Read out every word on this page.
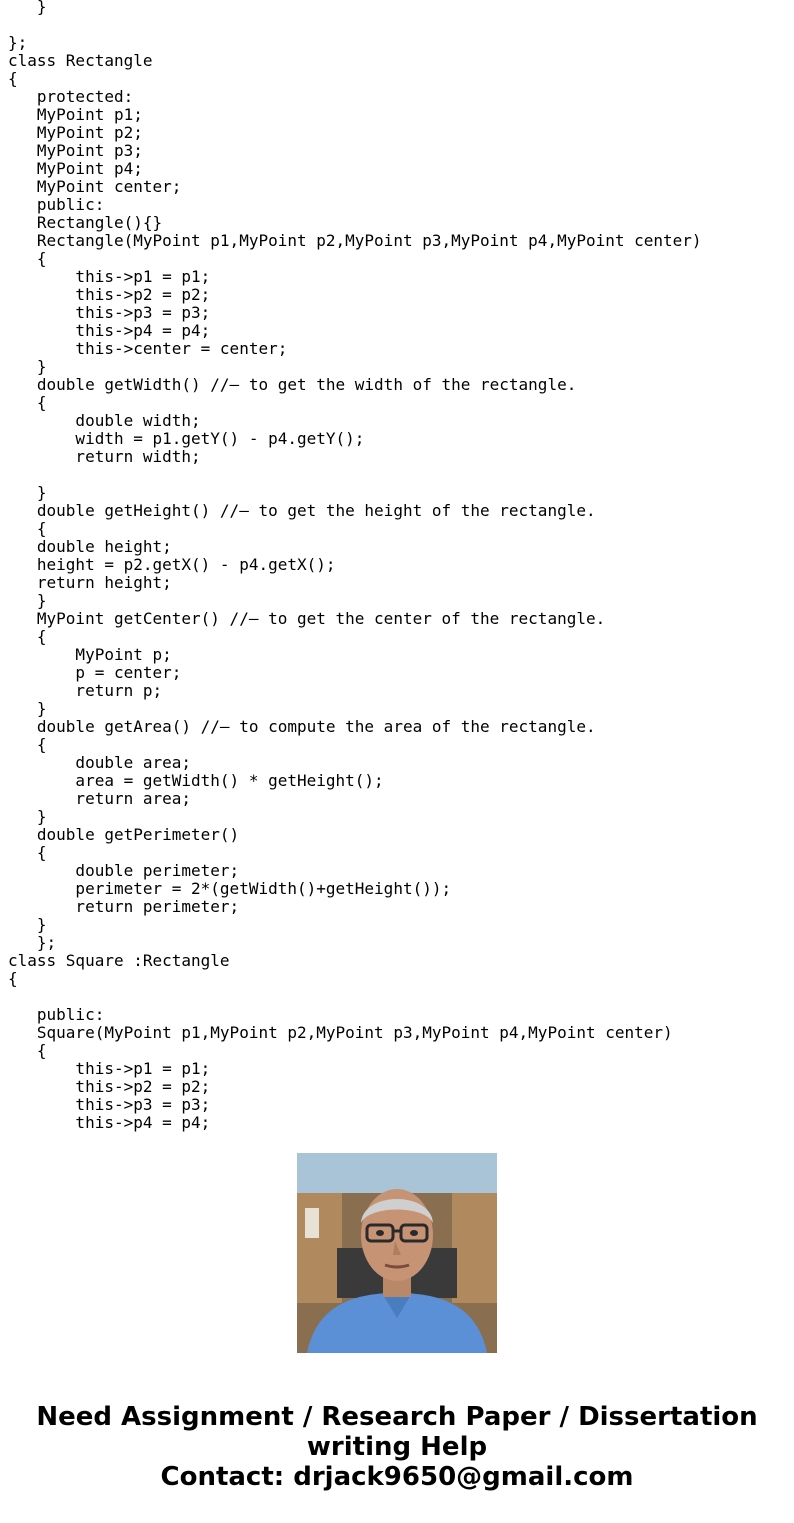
}
};
class Rectangle
{
protected:
MyPoint p1;
MyPoint p2;
MyPoint p3;
MyPoint p4;
MyPoint center;
public:
Rectangle(){}
Rectangle(MyPoint p1,MyPoint p2,MyPoint p3,MyPoint p4,MyPoint center)
{
this->p1 = p1;
this->p2 = p2;
this->p3 = p3;
this->p4 = p4;
this->center = center;
}
double getWidth() //– to get the width of the rectangle.
{
double width;
width = p1.getY() - p4.getY();
return width;
}
double getHeight() //– to get the height of the rectangle.
{
double height;
height = p2.getX() - p4.getX();
return height;
}
MyPoint getCenter() //– to get the center of the rectangle.
{
MyPoint p;
p = center;
return p;
}
double getArea() //– to compute the area of the rectangle.
{
double area;
area = getWidth() * getHeight();
return area;
}
double getPerimeter()
{
double perimeter;
perimeter = 2*(getWidth()+getHeight());
return perimeter;
}
};
class Square :Rectangle
{
public:
Square(MyPoint p1,MyPoint p2,MyPoint p3,MyPoint p4,MyPoint center)
{
this->p1 = p1;
this->p2 = p2;
this->p3 = p3;
this->p4 = p4;
Need Assignment / Research Paper / Dissertation
writing Help
Contact: drjack9650@gmail.com
